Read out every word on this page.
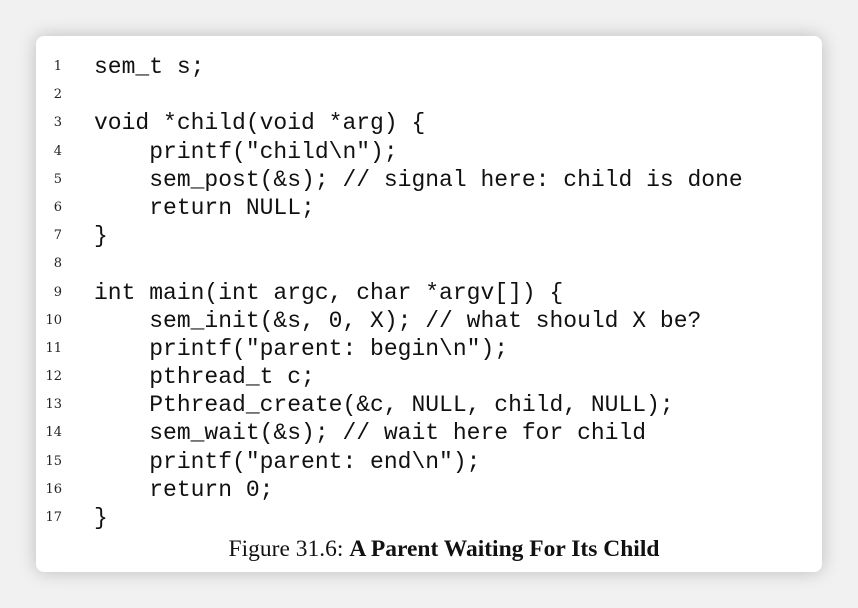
1 sem_t s;
2
3 void *child(void *arg) {
4 printf("child\n");
5 sem_post(&s); // signal here: child is done
6 return NULL;
7 }
8
9 int main(int argc, char *argv[]) {
10 sem_init(&s, 0, X); // what should X be?
11 printf("parent: begin\n");
12 pthread_t c;
13 Pthread_create(&c, NULL, child, NULL);
14 sem_wait(&s); // wait here for child
15 printf("parent: end\n");
16 return 0;
17 }
Figure 31.6: A Parent Waiting For Its Child
